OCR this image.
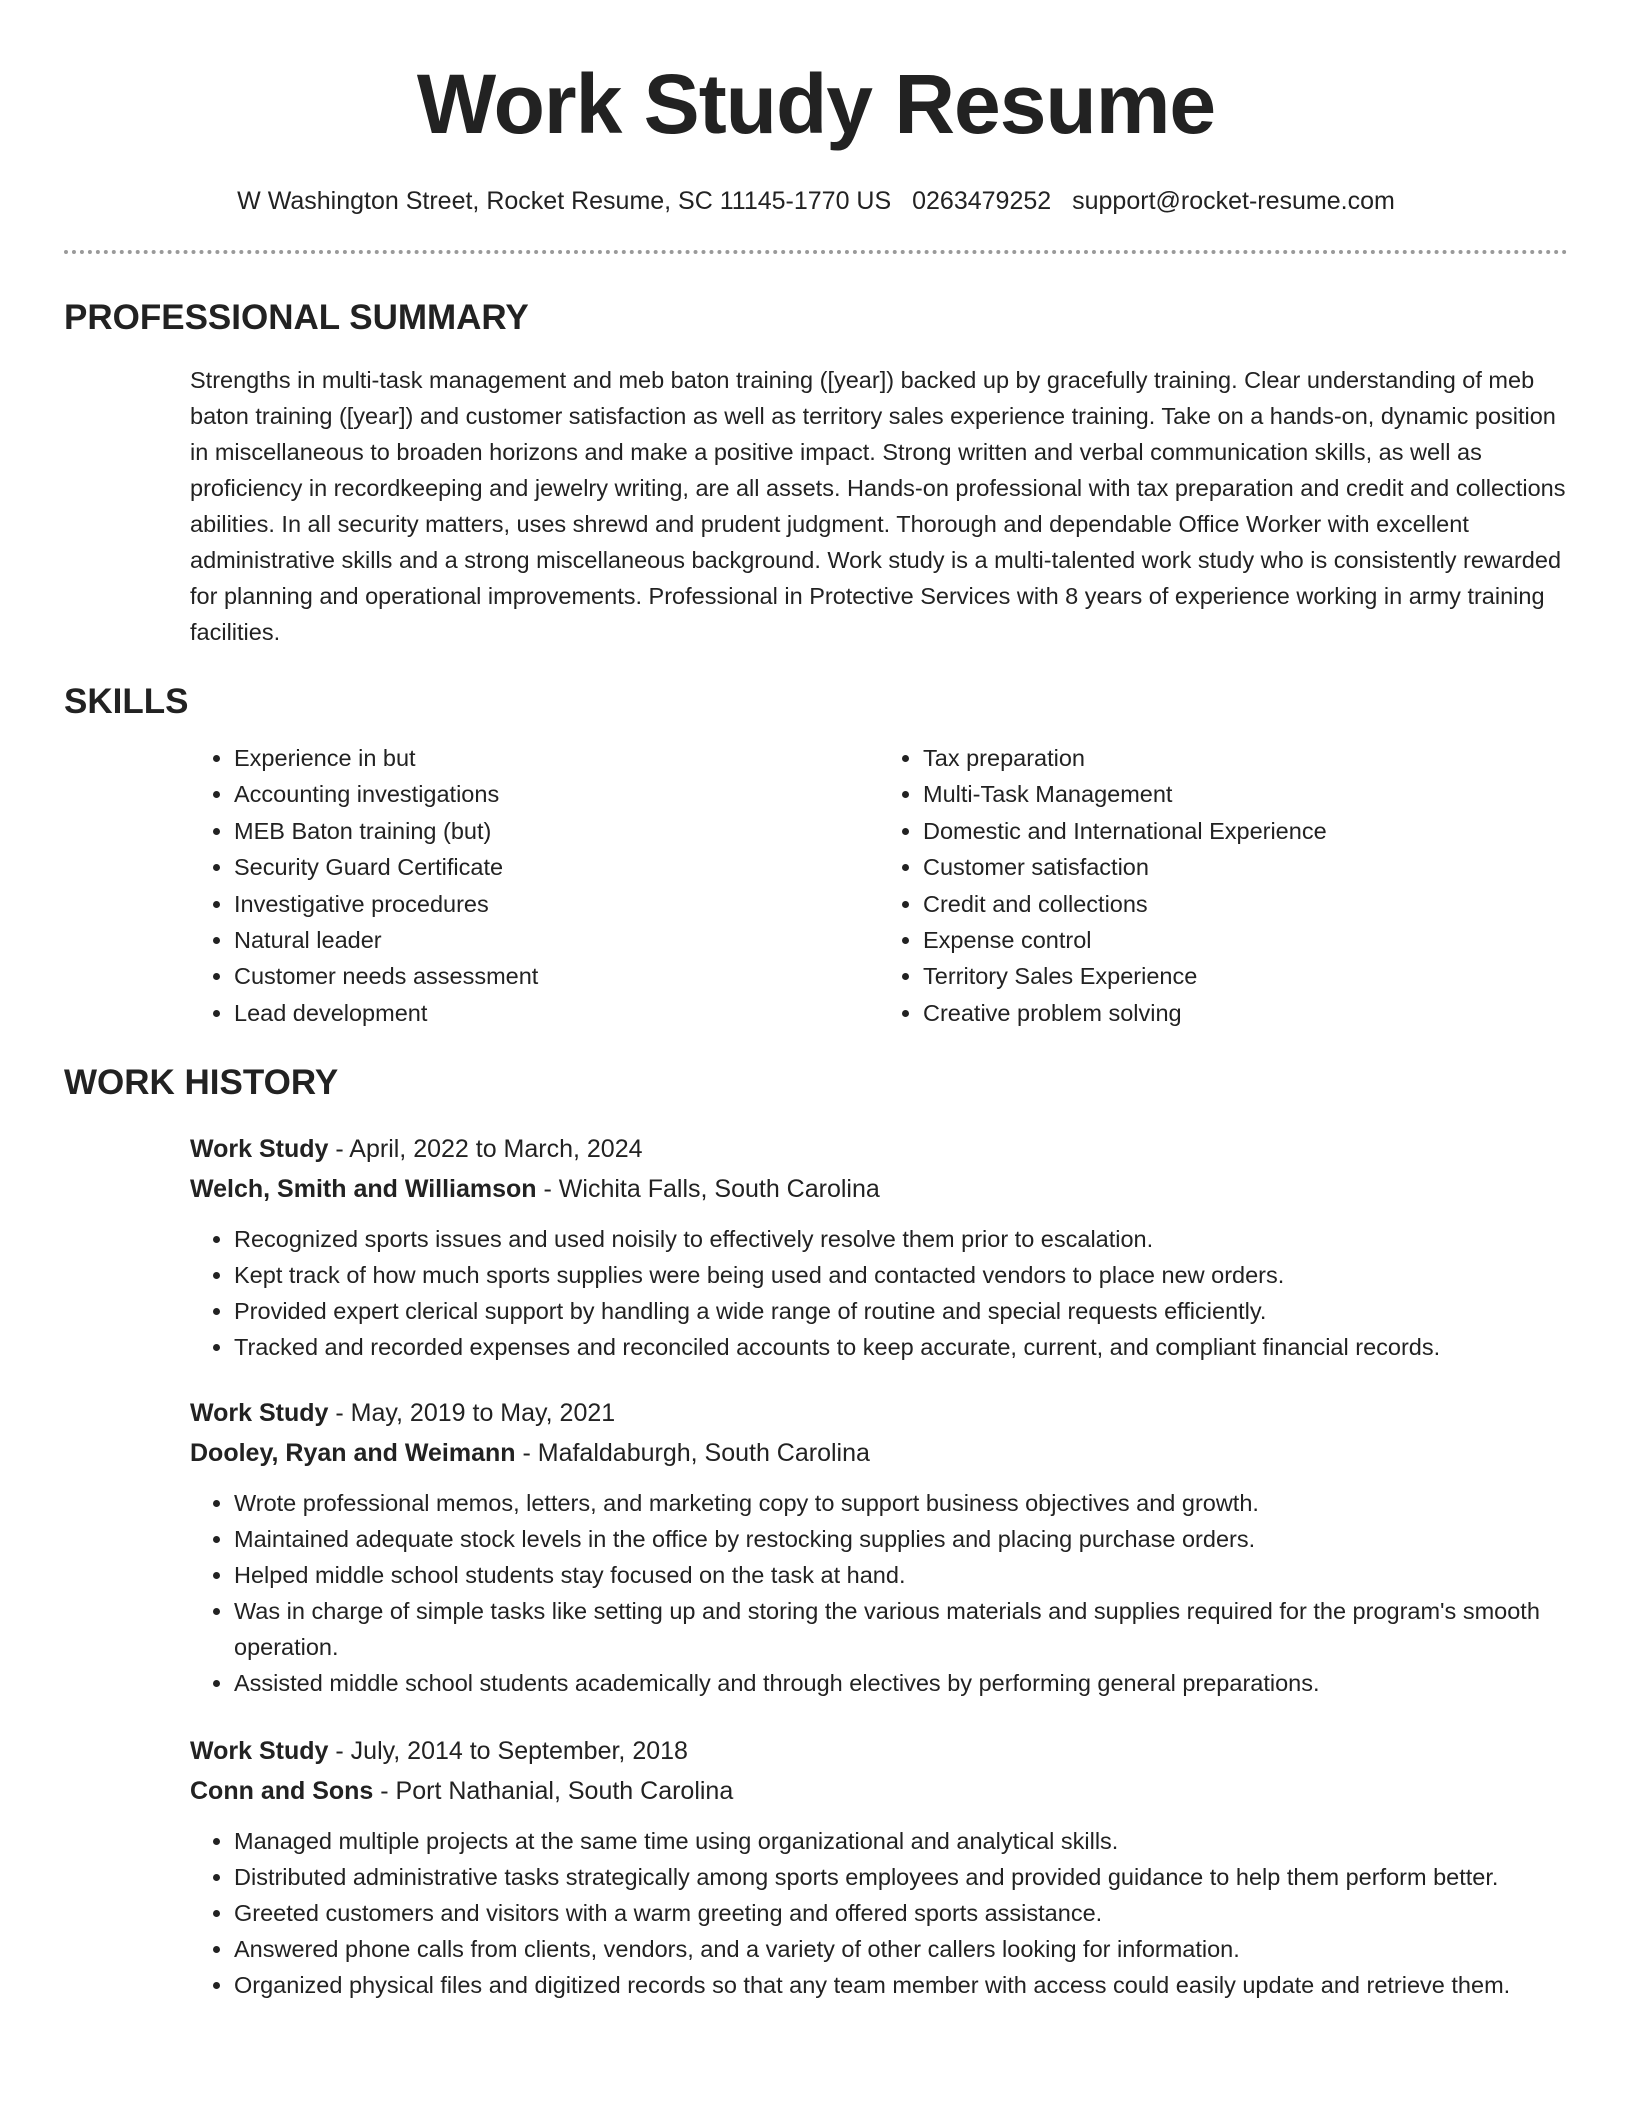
Work Study Resume
W Washington Street, Rocket Resume, SC 11145-1770 US 0263479252 support@rocket-resume.com
PROFESSIONAL SUMMARY
Strengths in multi-task management and meb baton training ([year]) backed up by gracefully training. Clear understanding of meb baton training ([year]) and customer satisfaction as well as territory sales experience training. Take on a hands-on, dynamic position in miscellaneous to broaden horizons and make a positive impact. Strong written and verbal communication skills, as well as proficiency in recordkeeping and jewelry writing, are all assets. Hands-on professional with tax preparation and credit and collections abilities. In all security matters, uses shrewd and prudent judgment. Thorough and dependable Office Worker with excellent administrative skills and a strong miscellaneous background. Work study is a multi-talented work study who is consistently rewarded for planning and operational improvements. Professional in Protective Services with 8 years of experience working in army training facilities.
SKILLS
• Experience in but
• Accounting investigations
• MEB Baton training (but)
• Security Guard Certificate
• Investigative procedures
• Natural leader
• Customer needs assessment
• Lead development
• Tax preparation
• Multi-Task Management
• Domestic and International Experience
• Customer satisfaction
• Credit and collections
• Expense control
• Territory Sales Experience
• Creative problem solving
WORK HISTORY
Work Study - April, 2022 to March, 2024
Welch, Smith and Williamson - Wichita Falls, South Carolina
• Recognized sports issues and used noisily to effectively resolve them prior to escalation.
• Kept track of how much sports supplies were being used and contacted vendors to place new orders.
• Provided expert clerical support by handling a wide range of routine and special requests efficiently.
• Tracked and recorded expenses and reconciled accounts to keep accurate, current, and compliant financial records.
Work Study - May, 2019 to May, 2021
Dooley, Ryan and Weimann - Mafaldaburgh, South Carolina
• Wrote professional memos, letters, and marketing copy to support business objectives and growth.
• Maintained adequate stock levels in the office by restocking supplies and placing purchase orders.
• Helped middle school students stay focused on the task at hand.
• Was in charge of simple tasks like setting up and storing the various materials and supplies required for the program's smooth operation.
• Assisted middle school students academically and through electives by performing general preparations.
Work Study - July, 2014 to September, 2018
Conn and Sons - Port Nathanial, South Carolina
• Managed multiple projects at the same time using organizational and analytical skills.
• Distributed administrative tasks strategically among sports employees and provided guidance to help them perform better.
• Greeted customers and visitors with a warm greeting and offered sports assistance.
• Answered phone calls from clients, vendors, and a variety of other callers looking for information.
• Organized physical files and digitized records so that any team member with access could easily update and retrieve them.
